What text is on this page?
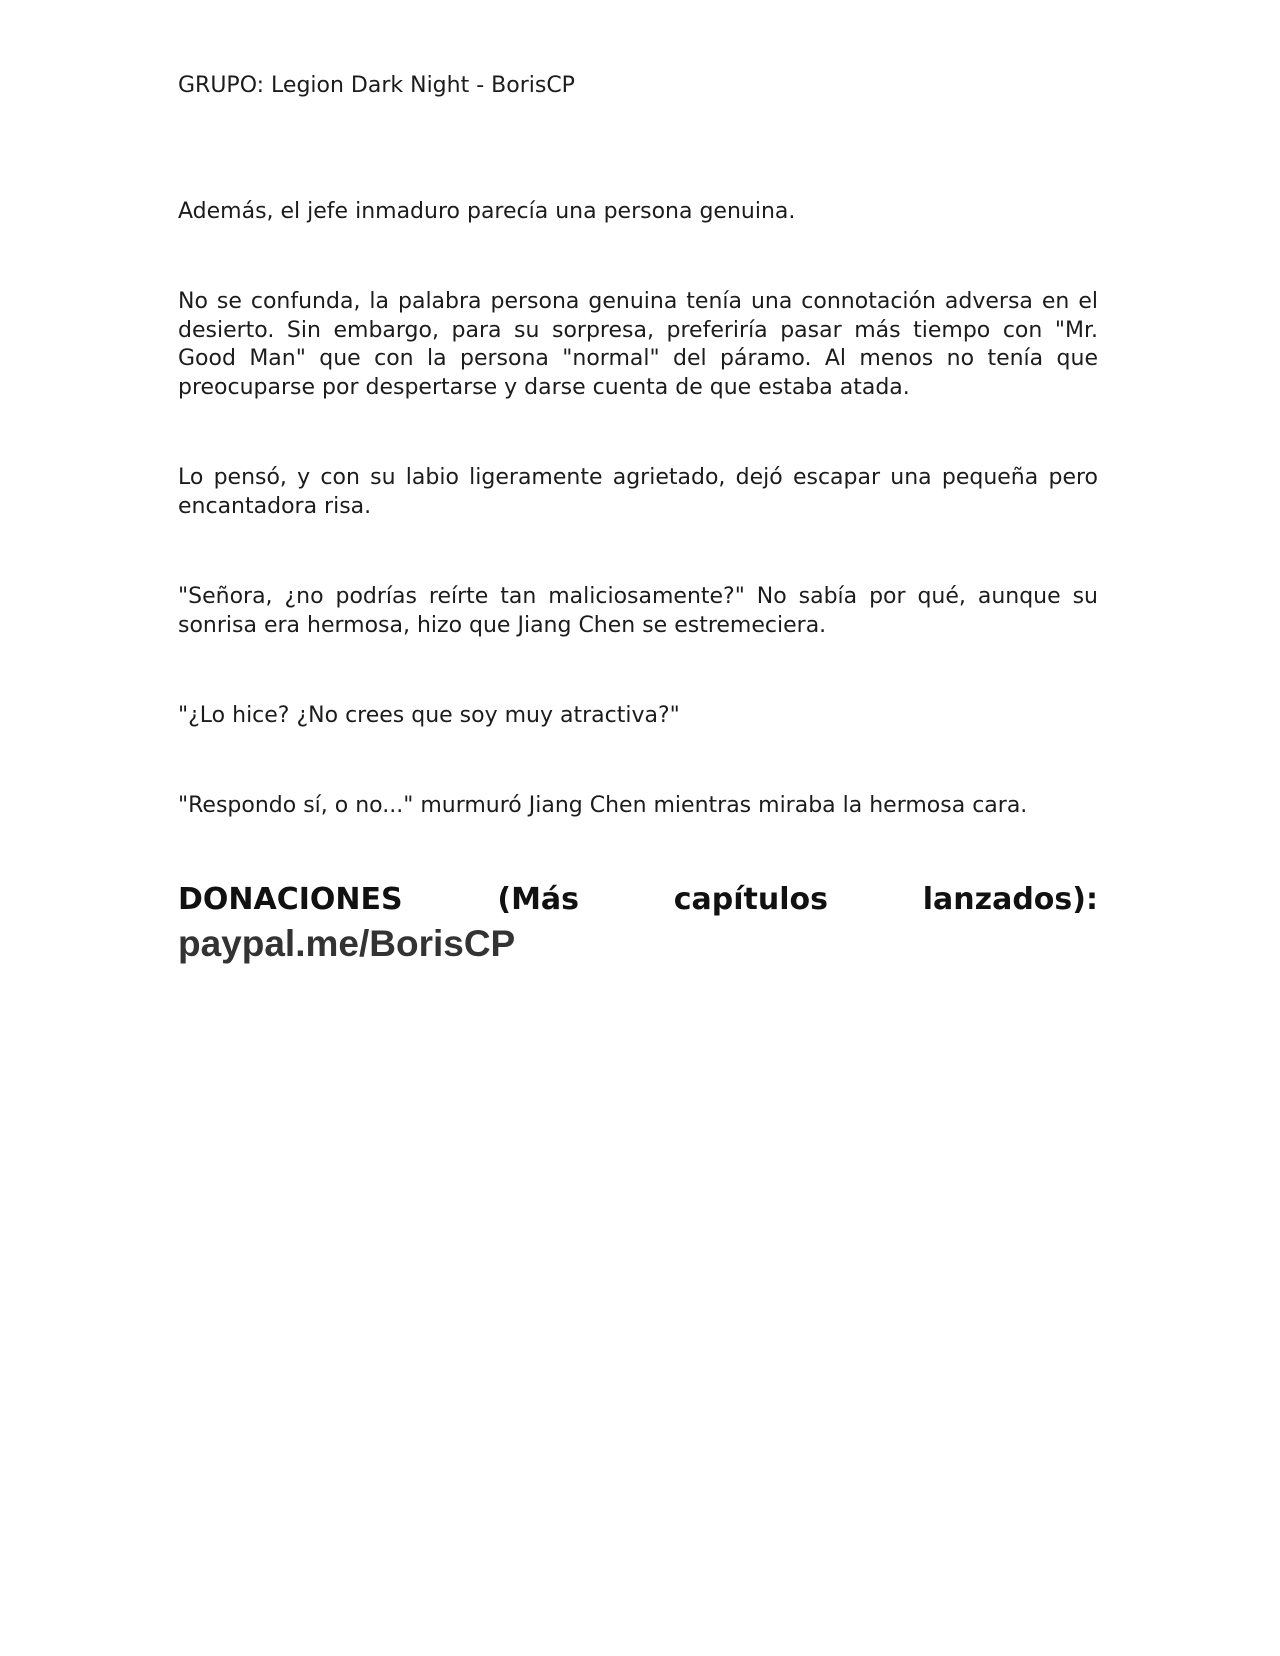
GRUPO: Legion Dark Night - BorisCP

Además, el jefe inmaduro parecía una persona genuina.

No se confunda, la palabra persona genuina tenía una connotación adversa en el desierto. Sin embargo, para su sorpresa, preferiría pasar más tiempo con "Mr. Good Man" que con la persona "normal" del páramo. Al menos no tenía que preocuparse por despertarse y darse cuenta de que estaba atada.

Lo pensó, y con su labio ligeramente agrietado, dejó escapar una pequeña pero encantadora risa.

"Señora, ¿no podrías reírte tan maliciosamente?" No sabía por qué, aunque su sonrisa era hermosa, hizo que Jiang Chen se estremeciera.

"¿Lo hice? ¿No crees que soy muy atractiva?"

"Respondo sí, o no..." murmuró Jiang Chen mientras miraba la hermosa cara.

DONACIONES	(Más	capítulos	lanzados):
paypal.me/BorisCP
